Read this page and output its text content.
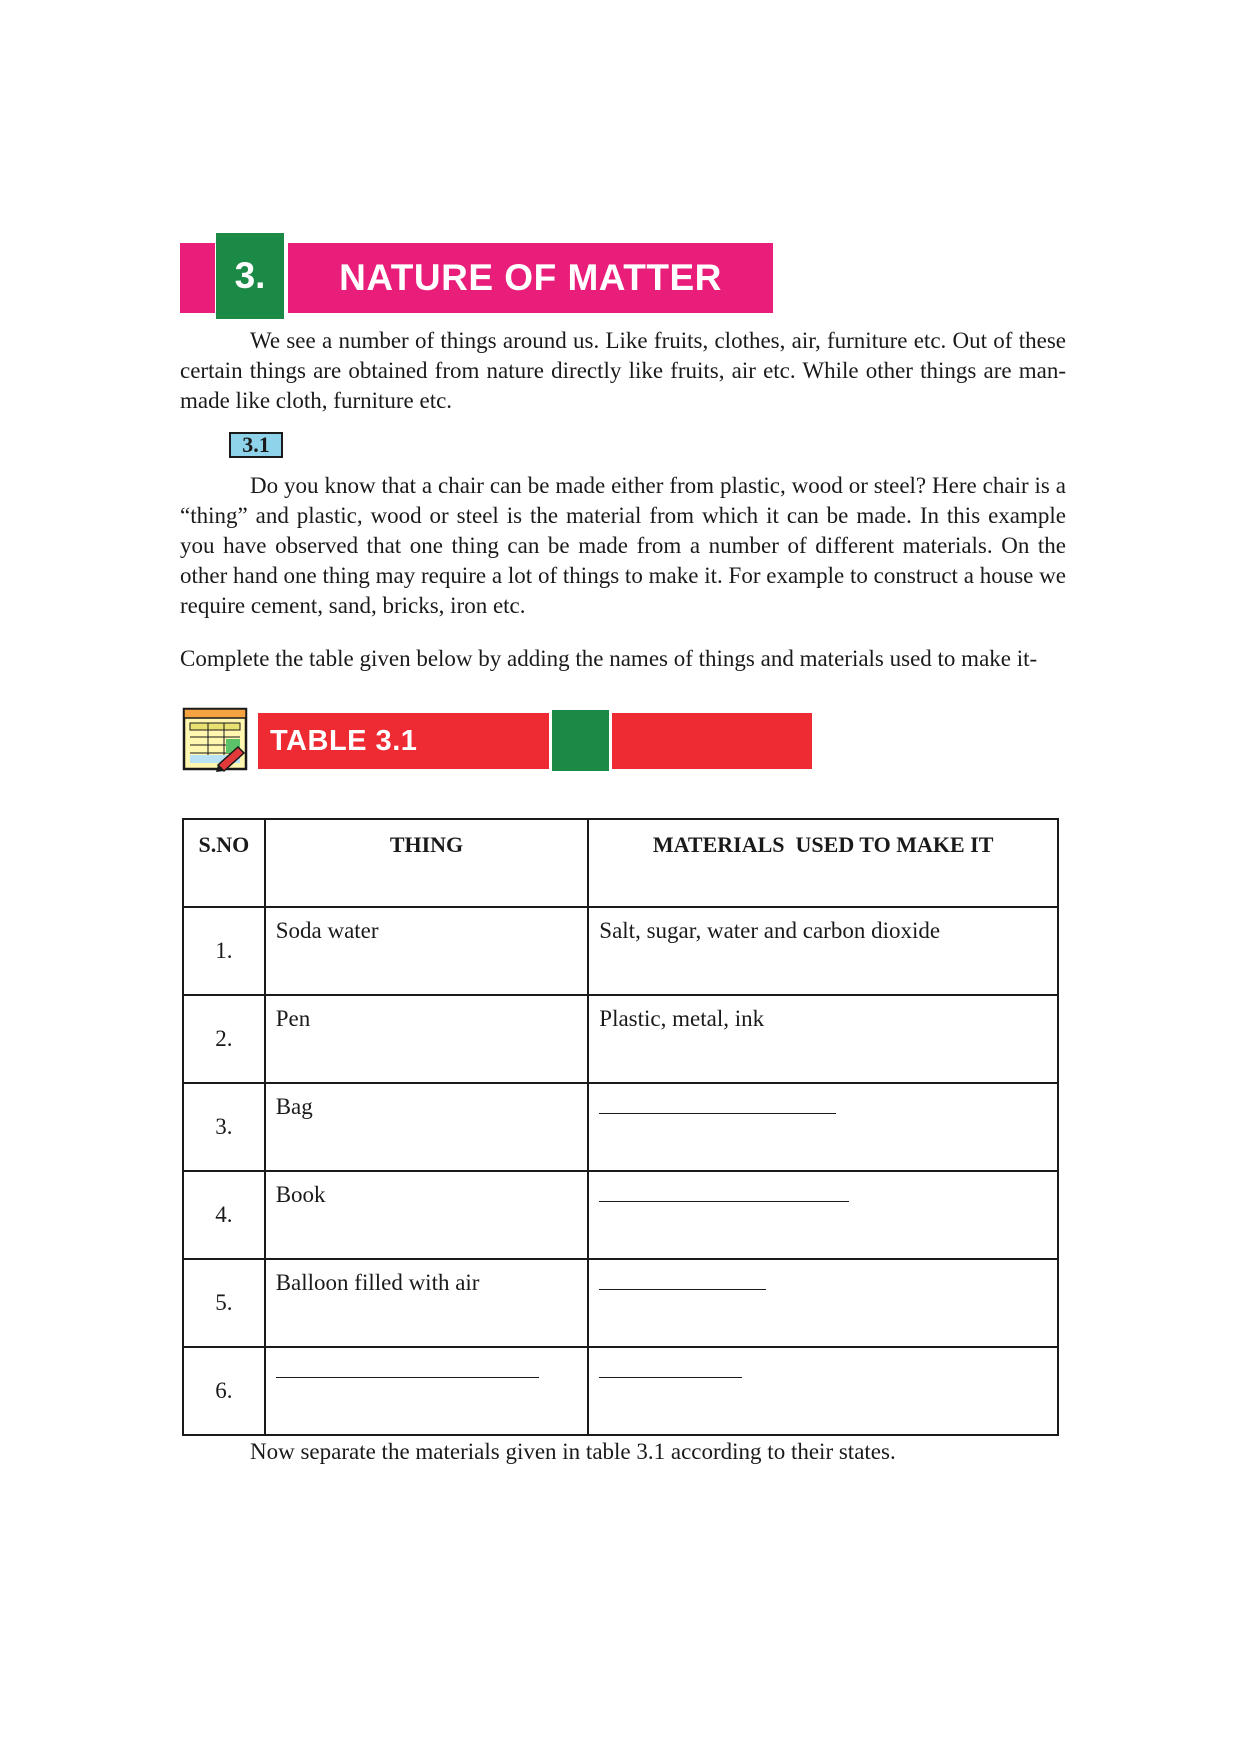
3.	NATURE OF MATTER

We see a number of things around us. Like fruits, clothes, air, furniture etc. Out of these certain things are obtained from nature directly like fruits, air etc. While other things are man-made like cloth, furniture etc.

3.1

Do you know that a chair can be made either from plastic, wood or steel? Here chair is a “thing” and plastic, wood or steel is the material from which it can be made. In this example you have observed that one thing can be made from a number of different materials. On the other hand one thing may require a lot of things to make it. For example to construct a house we require cement, sand, bricks, iron etc.

Complete the table given below by adding the names of things and materials used to make it-

TABLE 3.1
S.NO	THING	MATERIALS  USED TO MAKE IT
1.	Soda water	Salt, sugar, water and carbon dioxide
2.	Pen	Plastic, metal, ink
3.	Bag	
4.	Book	
5.	Balloon filled with air	
6.		

Now separate the materials given in table 3.1 according to their states.
